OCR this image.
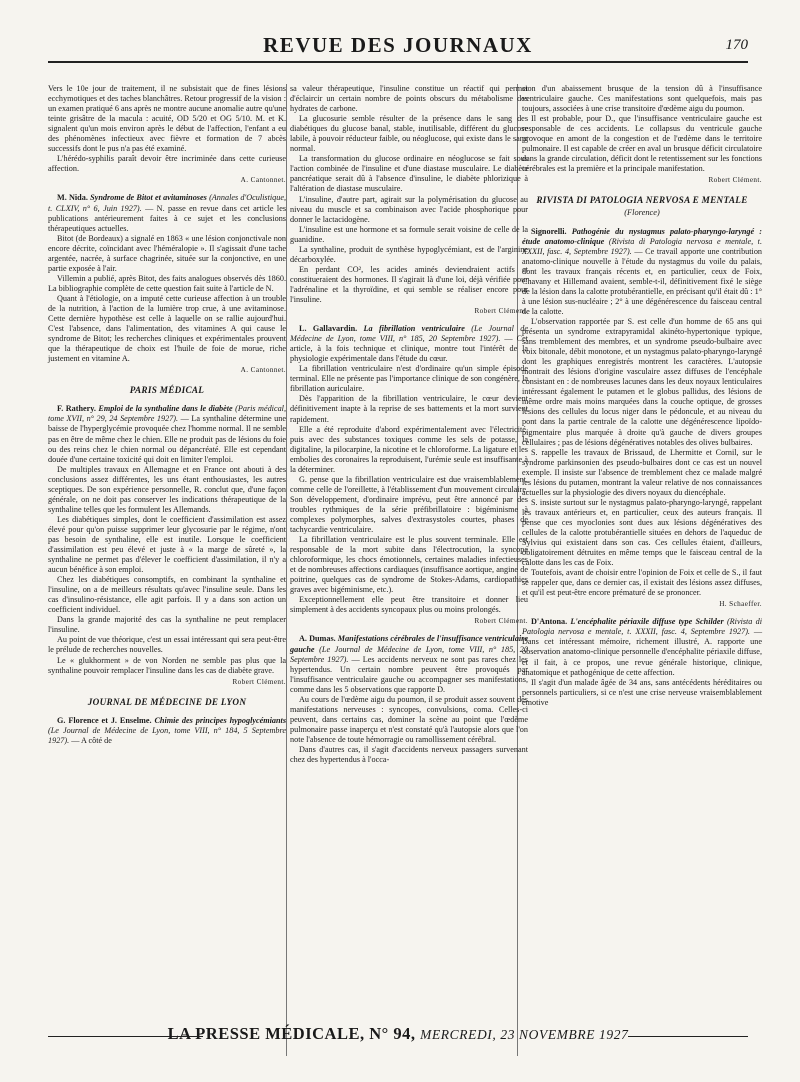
REVUE DES JOURNAUX	170

Vers le 10e jour de traitement, il ne subsistait que de fines lésions ecchymotiques et des taches blanchâtres. Retour progressif de la vision : un examen pratiqué 6 ans après ne montre aucune anomalie autre qu'une teinte grisâtre de la macula : acuité, OD 5/20 et OG 5/10. M. et K. signalent qu'un mois environ après le début de l'affection, l'enfant a eu des phénomènes infectieux avec fièvre et formation de 7 abcès successifs dont le pus n'a pas été examiné.

L'hérédo-syphilis paraît devoir être incriminée dans cette curieuse affection.

A. Cantonnet.

M. Nida. Syndrome de Bitot et avitaminoses (Annales d'Oculistique, t. CLXIV, n° 6, Juin 1927). — N. passe en revue dans cet article les publications antérieurement faites à ce sujet et les conclusions thérapeutiques actuelles.

Bitot (de Bordeaux) a signalé en 1863 « une lésion conjonctivale non encore décrite, coïncidant avec l'héméralopie ». Il s'agissait d'une tache argentée, nacrée, à surface chagrinée, située sur la conjonctive, en une partie exposée à l'air.

Villemin a publié, après Bitot, des faits analogues observés dès 1860. La bibliographie complète de cette question fait suite à l'article de N.

Quant à l'étiologie, on a imputé cette curieuse affection à un trouble de la nutrition, à l'action de la lumière trop crue, à une avitaminose. Cette dernière hypothèse est celle à laquelle on se rallie aujourd'hui. C'est l'absence, dans l'alimentation, des vitamines A qui cause le syndrome de Bitot; les recherches cliniques et expérimentales prouvent que la thérapeutique de choix est l'huile de foie de morue, riche justement en vitamine A.

A. Cantonnet.
PARIS MÉDICAL

F. Rathery. Emploi de la synthaline dans le diabète (Paris médical, tome XVII, n° 29, 24 Septembre 1927). — La synthaline détermine une baisse de l'hyperglycémie provoquée chez l'homme normal. Il ne semble pas en être de même chez le chien. Elle ne produit pas de lésions du foie ou des reins chez le chien normal ou dépancréaté. Elle est cependant douée d'une certaine toxicité qui doit en limiter l'emploi.

De multiples travaux en Allemagne et en France ont abouti à des conclusions assez différentes, les uns étant enthousiastes, les autres sceptiques. De son expérience personnelle, R. conclut que, d'une façon générale, on ne doit pas conserver les indications thérapeutique de la synthaline telles que les formulent les Allemands.

Les diabétiques simples, dont le coefficient d'assimilation est assez élevé pour qu'on puisse supprimer leur glycosurie par le régime, n'ont pas besoin de synthaline, elle est inutile. Lorsque le coefficient d'assimilation est peu élevé et juste à « la marge de sûreté », la synthaline ne permet pas d'élever le coefficient d'assimilation, il n'y a aucun bénéfice à son emploi.

Chez les diabétiques consomptifs, en combinant la synthaline et l'insuline, on a de meilleurs résultats qu'avec l'insuline seule. Dans les cas d'insulino-résistance, elle agit parfois. Il y a dans son action un coefficient individuel.

Dans la grande majorité des cas la synthaline ne peut remplacer l'insuline.

Au point de vue théorique, c'est un essai intéressant qui sera peut-être le prélude de recherches nouvelles.

Le « glukhorment » de von Norden ne semble pas plus que la synthaline pouvoir remplacer l'insuline dans les cas de diabète grave.

Robert Clément.
JOURNAL DE MÉDECINE DE LYON

G. Florence et J. Enselme. Chimie des principes hypoglycémiants (Le Journal de Médecine de Lyon, tome VIII, n° 184, 5 Septembre 1927). — A côté de

sa valeur thérapeutique, l'insuline constitue un réactif qui permet d'éclaircir un certain nombre de points obscurs du métabolisme des hydrates de carbone.

La glucosurie semble résulter de la présence dans le sang des diabétiques du glucose banal, stable, inutilisable, différent du glucose labile, à pouvoir réducteur faible, ou néoglucose, qui existe dans le sang normal.

La transformation du glucose ordinaire en néoglucose se fait sous l'action combinée de l'insuline et d'une diastase musculaire. Le diabète pancréatique serait dû à l'absence d'insuline, le diabète phlorizique à l'altération de diastase musculaire.

L'insuline, d'autre part, agirait sur la polymérisation du glucose au niveau du muscle et sa combinaison avec l'acide phosphorique pour donner le lactacidogène.

L'insuline est une hormone et sa formule serait voisine de celle de la guanidine.

La synthaline, produit de synthèse hypoglycémiant, est de l'arginine décarboxylée.

En perdant CO², les acides aminés deviendraient actifs et constitueraient des hormones. Il s'agirait là d'une loi, déjà vérifiée pour l'adrénaline et la thyroïdine, et qui semble se réaliser encore pour l'insuline.

Robert Clément.

L. Gallavardin. La fibrillation ventriculaire (Le Journal de Médecine de Lyon, tome VIII, n° 185, 20 Septembre 1927). — Cet article, à la fois technique et clinique, montre tout l'intérêt de la physiologie expérimentale dans l'étude du cœur.

La fibrillation ventriculaire n'est d'ordinaire qu'un simple épisode terminal. Elle ne présente pas l'importance clinique de son congénère, la fibrillation auriculaire.

Dès l'apparition de la fibrillation ventriculaire, le cœur devient définitivement inapte à la reprise de ses battements et la mort survient rapidement.

Elle a été reproduite d'abord expérimentalement avec l'électricité, puis avec des substances toxiques comme les sels de potasse, la digitaline, la pilocarpine, la nicotine et le chloroforme. La ligature et les embolies des coronaires la reproduisent, l'urémie seule est insuffisante à la déterminer.

G. pense que la fibrillation ventriculaire est due vraisemblablement, comme celle de l'oreillette, à l'établissement d'un mouvement circulaire. Son développement, d'ordinaire imprévu, peut être annoncé par des troubles rythmiques de la série préfibrillatoire : bigéminisme à complexes polymorphes, salves d'extrasystoles courtes, phases de tachycardie ventriculaire.

La fibrillation ventriculaire est le plus souvent terminale. Elle est responsable de la mort subite dans l'électrocution, la syncope chloroformique, les chocs émotionnels, certaines maladies infectieuses et de nombreuses affections cardiaques (insuffisance aortique, angine de poitrine, quelques cas de syndrome de Stokes-Adams, cardiopathies graves avec bigéminisme, etc.).

Exceptionnellement elle peut être transitoire et donner lieu simplement à des accidents syncopaux plus ou moins prolongés.

Robert Clément.

A. Dumas. Manifestations cérébrales de l'insuffisance ventriculaire gauche (Le Journal de Médecine de Lyon, tome VIII, n° 185, 20 Septembre 1927). — Les accidents nerveux ne sont pas rares chez les hypertendus. Un certain nombre peuvent être provoqués par l'insuffisance ventriculaire gauche ou accompagner ses manifestations, comme dans les 5 observations que rapporte D.

Au cours de l'œdème aigu du poumon, il se produit assez souvent des manifestations nerveuses : syncopes, convulsions, coma. Celles-ci peuvent, dans certains cas, dominer la scène au point que l'œdème pulmonaire passe inaperçu et n'est constaté qu'à l'autopsie alors que l'on note l'absence de toute hémorragie ou ramollissement cérébral.

Dans d'autres cas, il s'agit d'accidents nerveux passagers survenant chez des hypertendus à l'occa-

sion d'un abaissement brusque de la tension dû à l'insuffisance ventriculaire gauche. Ces manifestations sont quelquefois, mais pas toujours, associées à une crise transitoire d'œdème aigu du poumon.

Il est probable, pour D., que l'insuffisance ventriculaire gauche est responsable de ces accidents. Le collapsus du ventricule gauche provoque en amont de la congestion et de l'œdème dans le territoire pulmonaire. Il est capable de créer en aval un brusque déficit circulatoire dans la grande circulation, déficit dont le retentissement sur les fonctions cérébrales est la première et la principale manifestation.

Robert Clément.
RIVISTA DI PATOLOGIA NERVOSA E MENTALE
(Florence)

Signorelli. Pathogénie du nystagmus palato-pharyngo-laryngé : étude anatomo-clinique (Rivista di Patologia nervosa e mentale, t. XXXII, fasc. 4, Septembre 1927). — Ce travail apporte une contribution anatomo-clinique nouvelle à l'étude du nystagmus du voile du palais, dont les travaux français récents et, en particulier, ceux de Foix, Chavany et Hillemand avaient, semble-t-il, définitivement fixé le siège de la lésion dans la calotte protubérantielle, en précisant qu'il était dû : 1° à une lésion sus-nucléaire ; 2° à une dégénérescence du faisceau central de la calotte.

L'observation rapportée par S. est celle d'un homme de 65 ans qui présenta un syndrome extrapyramidal akinéto-hypertonique typique, sans tremblement des membres, et un syndrome pseudo-bulbaire avec voix bitonale, débit monotone, et un nystagmus palato-pharyngo-laryngé dont les graphiques enregistrés montrent les caractères. L'autopsie montrait des lésions d'origine vasculaire assez diffuses de l'encéphale consistant en : de nombreuses lacunes dans les deux noyaux lenticulaires intéressant également le putamen et le globus pallidus, des lésions de même ordre mais moins marquées dans la couche optique, de grosses lésions des cellules du locus niger dans le pédoncule, et au niveau du pont dans la partie centrale de la calotte une dégénérescence lipoïdo-pigmentaire plus marquée à droite qu'à gauche de divers groupes cellulaires ; pas de lésions dégénératives notables des olives bulbaires.

S. rappelle les travaux de Brissaud, de Lhermitte et Cornil, sur le syndrome parkinsonien des pseudo-bulbaires dont ce cas est un nouvel exemple. Il insiste sur l'absence de tremblement chez ce malade malgré les lésions du putamen, montrant la valeur relative de nos connaissances actuelles sur la physiologie des divers noyaux du diencéphale.

S. insiste surtout sur le nystagmus palato-pharyngo-laryngé, rappelant les travaux antérieurs et, en particulier, ceux des auteurs français. Il pense que ces myoclonies sont dues aux lésions dégénératives des cellules de la calotte protubérantielle situées en dehors de l'aqueduc de Sylvius qui existaient dans son cas. Ces cellules étaient, d'ailleurs, obligatoirement détruites en même temps que le faisceau central de la calotte dans les cas de Foix.

Toutefois, avant de choisir entre l'opinion de Foix et celle de S., il faut se rappeler que, dans ce dernier cas, il existait des lésions assez diffuses, et qu'il est peut-être encore prématuré de se prononcer.

H. Schaeffer.

D'Antona. L'encéphalite périaxile diffuse type Schilder (Rivista di Patologia nervosa e mentale, t. XXXII, fasc. 4, Septembre 1927). — Dans cet intéressant mémoire, richement illustré, A. rapporte une observation anatomo-clinique personnelle d'encéphalite périaxile diffuse, et il fait, à ce propos, une revue générale historique, clinique, anatomique et pathogénique de cette affection.

Il s'agit d'un malade âgée de 34 ans, sans antécédents héréditaires ou personnels particuliers, si ce n'est une crise nerveuse vraisemblablement émotive

LA PRESSE MÉDICALE, N° 94, MERCREDI, 23 NOVEMBRE 1927
